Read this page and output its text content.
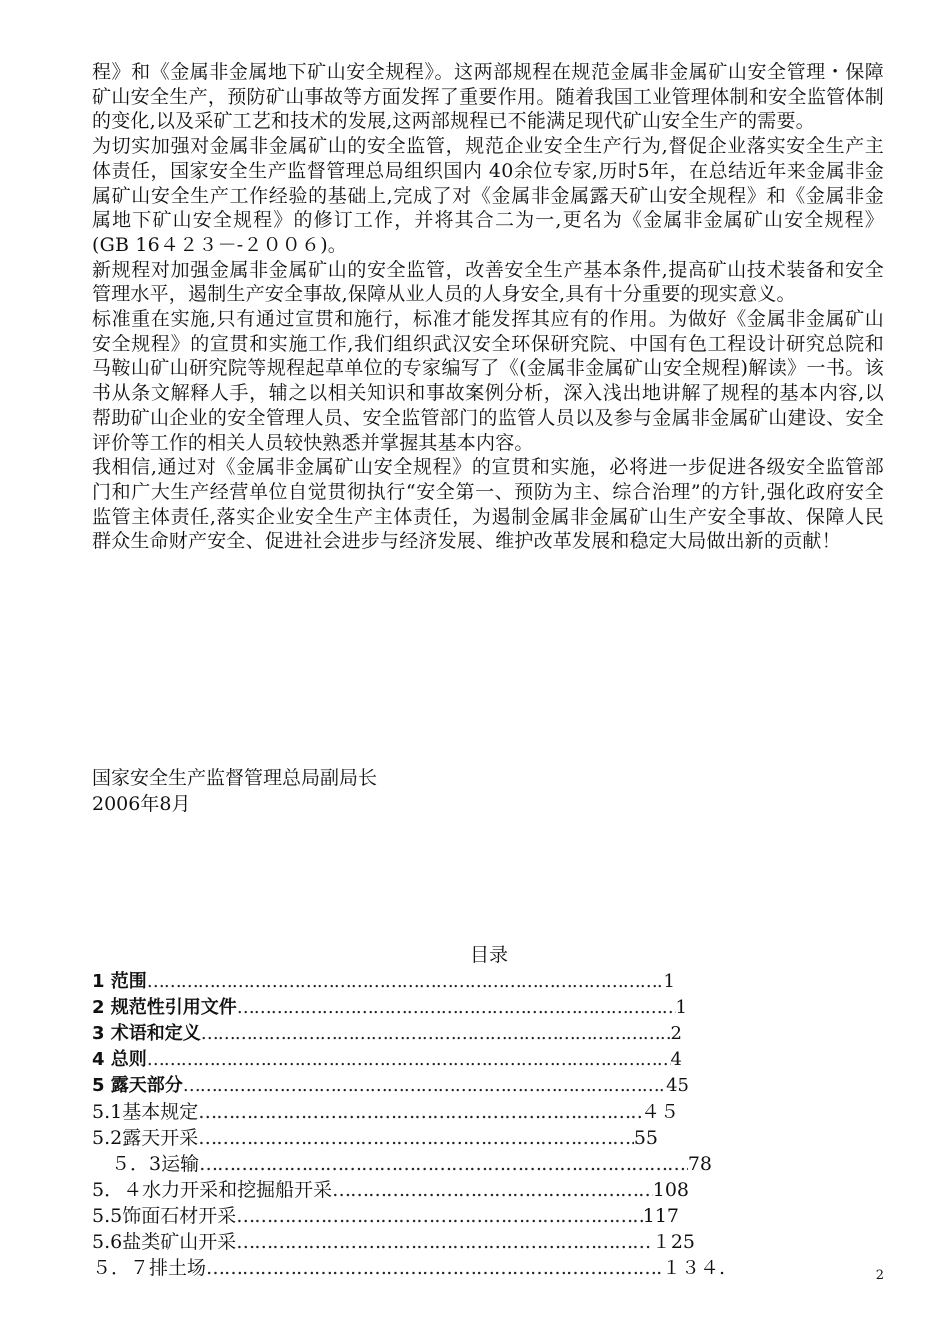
程》和《金属非金属地下矿山安全规程》。这两部规程在规范金属非金属矿山安全管理・保障矿山安全生产，预防矿山事故等方面发挥了重要作用。随着我国工业管理体制和安全监管体制的变化,以及采矿工艺和技术的发展,这两部规程已不能满足现代矿山安全生产的需要。

为切实加强对金属非金属矿山的安全监管，规范企业安全生产行为,督促企业落实安全生产主体责任，国家安全生产监督管理总局组织国内 40余位专家,历时5年，在总结近年来金属非金属矿山安全生产工作经验的基础上,完成了对《金属非金属露天矿山安全规程》和《金属非金属地下矿山安全规程》的修订工作，并将其合二为一,更名为《金属非金属矿山安全规程》(GB 16４２３－-２００６)。

新规程对加强金属非金属矿山的安全监管，改善安全生产基本条件,提高矿山技术装备和安全管理水平，遏制生产安全事故,保障从业人员的人身安全,具有十分重要的现实意义。

标准重在实施,只有通过宣贯和施行，标准才能发挥其应有的作用。为做好《金属非金属矿山安全规程》的宣贯和实施工作,我们组织武汉安全环保研究院、中国有色工程设计研究总院和马鞍山矿山研究院等规程起草单位的专家编写了《(金属非金属矿山安全规程)解读》一书。该书从条文解释人手，辅之以相关知识和事故案例分析，深入浅出地讲解了规程的基本内容,以帮助矿山企业的安全管理人员、安全监管部门的监管人员以及参与金属非金属矿山建设、安全评价等工作的相关人员较快熟悉并掌握其基本内容。

我相信,通过对《金属非金属矿山安全规程》的宣贯和实施，必将进一步促进各级安全监管部门和广大生产经营单位自觉贯彻执行“安全第一、预防为主、综合治理”的方针,强化政府安全监管主体责任,落实企业安全生产主体责任，为遏制金属非金属矿山生产安全事故、保障人民群众生命财产安全、促进社会进步与经济发展、维护改革发展和稳定大局做出新的贡献！

国家安全生产监督管理总局副局长
2006年8月
目录
1 范围 …………………………………………………………………………………………………………………………………………………………………	1
2 规范性引用文件 …………………………………………………………………………………………………………………………………………………………………	1
3 术语和定义 …………………………………………………………………………………………………………………………………………………………………	2
4 总则 …………………………………………………………………………………………………………………………………………………………………	4
5 露天部分 …………………………………………………………………………………………………………………………………………………………………	45
5.1基本规定 …………………………………………………………………………………………………………………………………………………………………	４５
5.2露天开采 …………………………………………………………………………………………………………………………………………………………………	55
　５．3运输 …………………………………………………………………………………………………………………………………………………………………	78
5．４水力开采和挖掘船开采 …………………………………………………………………………………………………………………………………………………………………	108
5.5饰面石材开采 …………………………………………………………………………………………………………………………………………………………………	117
5.6盐类矿山开采 …………………………………………………………………………………………………………………………………………………………………	１25
５．７排土场 …………………………………………………………………………………………………………………………………………………………………	１３４.	2
